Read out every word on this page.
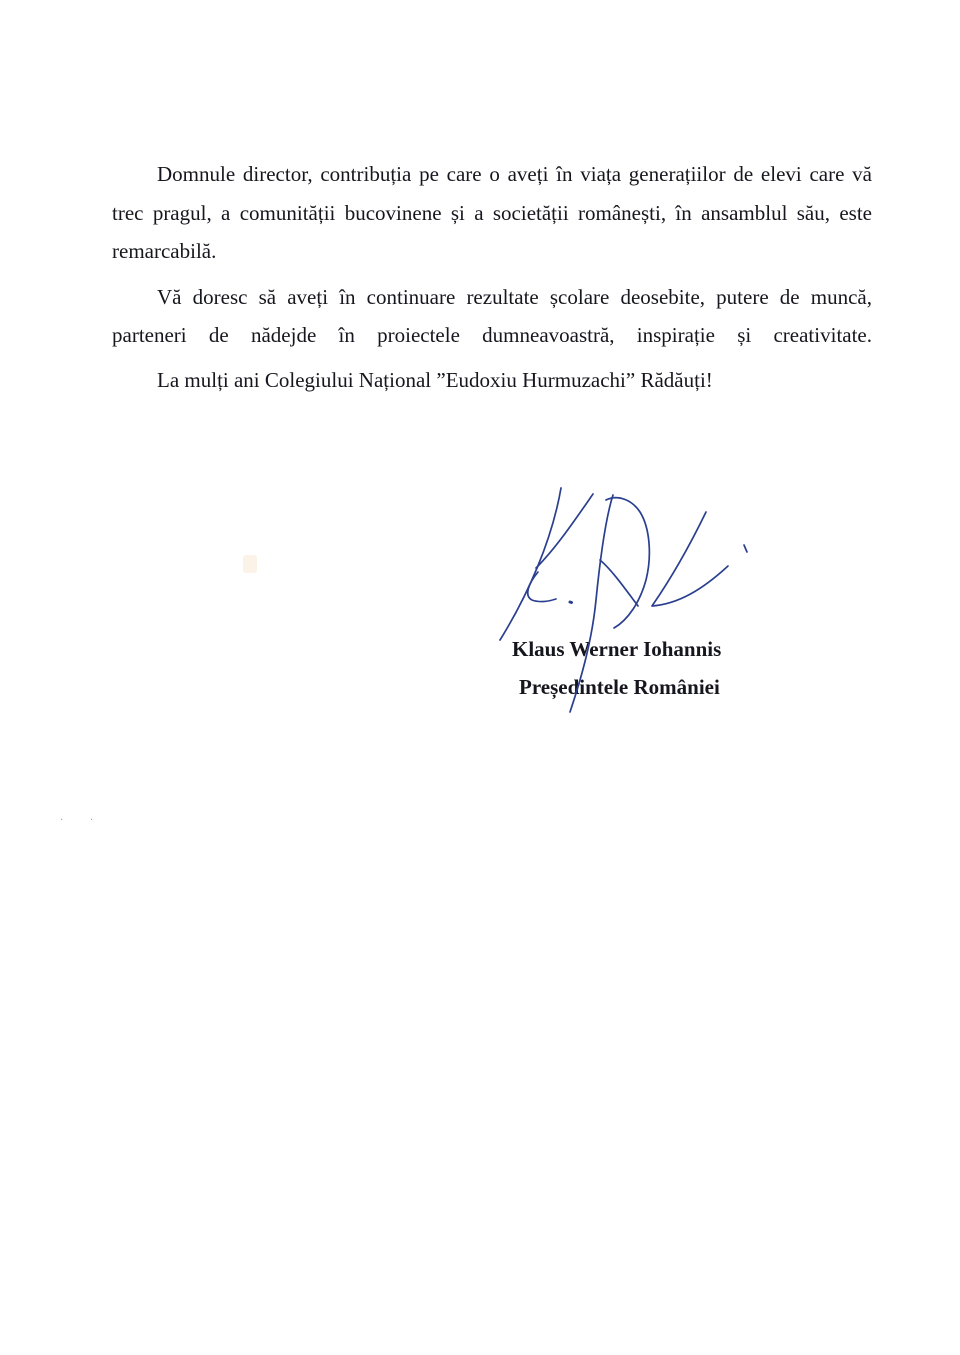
Domnule director, contribuția pe care o aveți în viața generațiilor de elevi care vă trec pragul, a comunității bucovinene și a societății românești, în ansamblul său, este remarcabilă.

Vă doresc să aveți în continuare rezultate școlare deosebite, putere de muncă, parteneri de nădejde în proiectele dumneavoastră, inspirație și creativitate.

La mulți ani Colegiului Național ”Eudoxiu Hurmuzachi” Rădăuți!

Klaus Werner Iohannis
Președintele României
· ·
